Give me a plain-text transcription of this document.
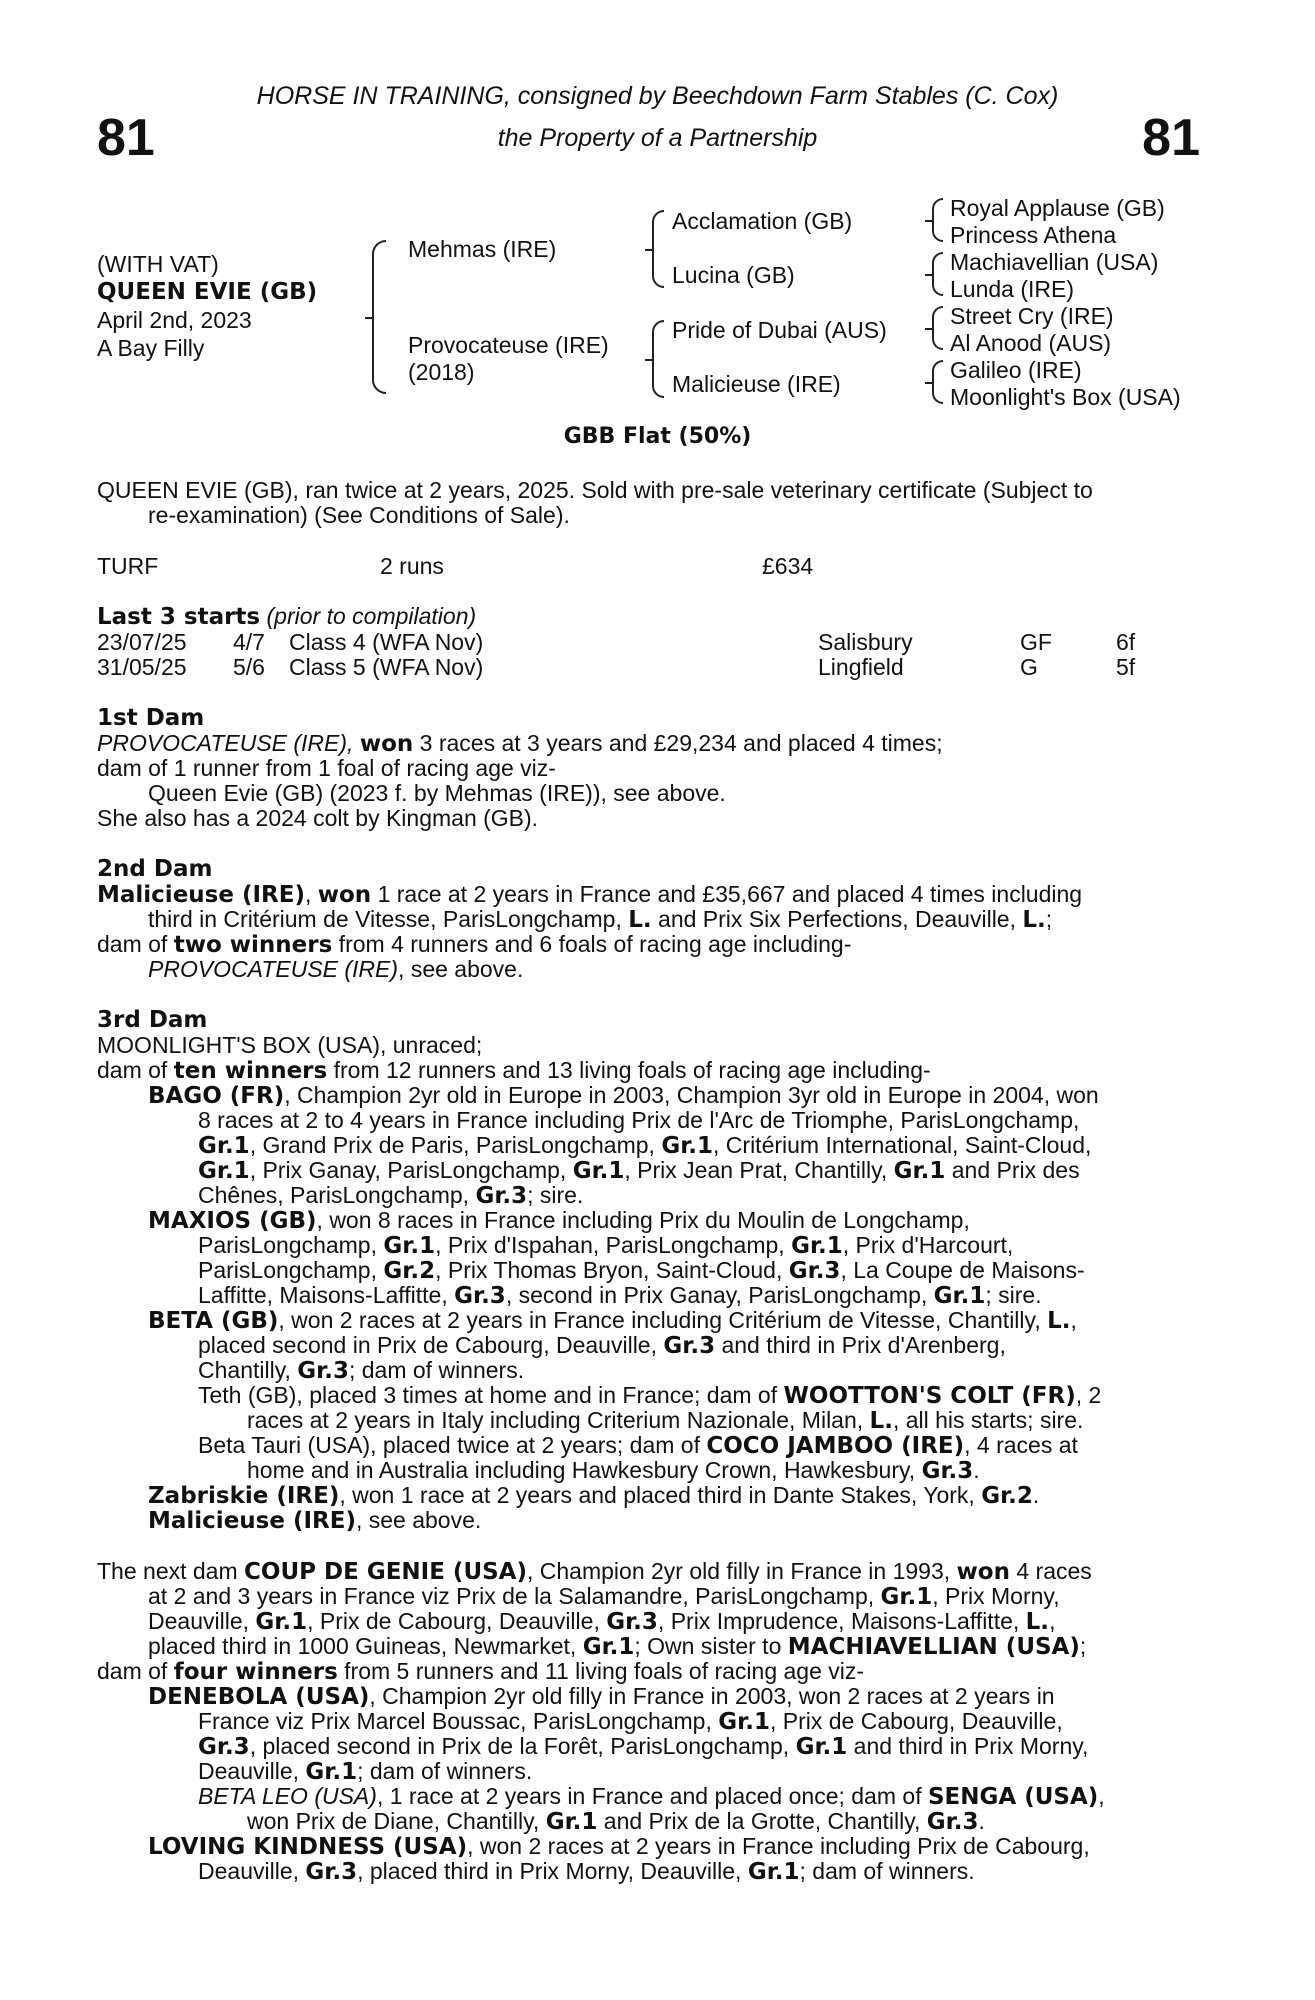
81	81
HORSE IN TRAINING, consigned by Beechdown Farm Stables (C. Cox)
the Property of a Partnership
(WITH VAT)
QUEEN EVIE (GB)
April 2nd, 2023
A Bay Filly
Mehmas (IRE)
Provocateuse (IRE)
(2018)
Acclamation (GB)
Lucina (GB)
Pride of Dubai (AUS)
Malicieuse (IRE)
Royal Applause (GB)
Princess Athena
Machiavellian (USA)
Lunda (IRE)
Street Cry (IRE)
Al Anood (AUS)
Galileo (IRE)
Moonlight's Box (USA)
GBB Flat (50%)
QUEEN EVIE (GB), ran twice at 2 years, 2025. Sold with pre-sale veterinary certificate (Subject to
re-examination) (See Conditions of Sale).
TURF	2 runs	£634
Last 3 starts (prior to compilation)
23/07/25 4/7 Class 4 (WFA Nov)	Salisbury	GF	6f
31/05/25 5/6 Class 5 (WFA Nov)	Lingfield	G	5f
1st Dam
PROVOCATEUSE (IRE), won 3 races at 3 years and £29,234 and placed 4 times;
dam of 1 runner from 1 foal of racing age viz-
Queen Evie (GB) (2023 f. by Mehmas (IRE)), see above.
She also has a 2024 colt by Kingman (GB).
2nd Dam
Malicieuse (IRE), won 1 race at 2 years in France and £35,667 and placed 4 times including
third in Critérium de Vitesse, ParisLongchamp, L. and Prix Six Perfections, Deauville, L.;
dam of two winners from 4 runners and 6 foals of racing age including-
PROVOCATEUSE (IRE), see above.
3rd Dam
MOONLIGHT'S BOX (USA), unraced;
dam of ten winners from 12 runners and 13 living foals of racing age including-
BAGO (FR), Champion 2yr old in Europe in 2003, Champion 3yr old in Europe in 2004, won
8 races at 2 to 4 years in France including Prix de l'Arc de Triomphe, ParisLongchamp,
Gr.1, Grand Prix de Paris, ParisLongchamp, Gr.1, Critérium International, Saint-Cloud,
Gr.1, Prix Ganay, ParisLongchamp, Gr.1, Prix Jean Prat, Chantilly, Gr.1 and Prix des
Chênes, ParisLongchamp, Gr.3; sire.
MAXIOS (GB), won 8 races in France including Prix du Moulin de Longchamp,
ParisLongchamp, Gr.1, Prix d'Ispahan, ParisLongchamp, Gr.1, Prix d'Harcourt,
ParisLongchamp, Gr.2, Prix Thomas Bryon, Saint-Cloud, Gr.3, La Coupe de Maisons-
Laffitte, Maisons-Laffitte, Gr.3, second in Prix Ganay, ParisLongchamp, Gr.1; sire.
BETA (GB), won 2 races at 2 years in France including Critérium de Vitesse, Chantilly, L.,
placed second in Prix de Cabourg, Deauville, Gr.3 and third in Prix d'Arenberg,
Chantilly, Gr.3; dam of winners.
Teth (GB), placed 3 times at home and in France; dam of WOOTTON'S COLT (FR), 2
races at 2 years in Italy including Criterium Nazionale, Milan, L., all his starts; sire.
Beta Tauri (USA), placed twice at 2 years; dam of COCO JAMBOO (IRE), 4 races at
home and in Australia including Hawkesbury Crown, Hawkesbury, Gr.3.
Zabriskie (IRE), won 1 race at 2 years and placed third in Dante Stakes, York, Gr.2.
Malicieuse (IRE), see above.
The next dam COUP DE GENIE (USA), Champion 2yr old filly in France in 1993, won 4 races
at 2 and 3 years in France viz Prix de la Salamandre, ParisLongchamp, Gr.1, Prix Morny,
Deauville, Gr.1, Prix de Cabourg, Deauville, Gr.3, Prix Imprudence, Maisons-Laffitte, L.,
placed third in 1000 Guineas, Newmarket, Gr.1; Own sister to MACHIAVELLIAN (USA);
dam of four winners from 5 runners and 11 living foals of racing age viz-
DENEBOLA (USA), Champion 2yr old filly in France in 2003, won 2 races at 2 years in
France viz Prix Marcel Boussac, ParisLongchamp, Gr.1, Prix de Cabourg, Deauville,
Gr.3, placed second in Prix de la Forêt, ParisLongchamp, Gr.1 and third in Prix Morny,
Deauville, Gr.1; dam of winners.
BETA LEO (USA), 1 race at 2 years in France and placed once; dam of SENGA (USA),
won Prix de Diane, Chantilly, Gr.1 and Prix de la Grotte, Chantilly, Gr.3.
LOVING KINDNESS (USA), won 2 races at 2 years in France including Prix de Cabourg,
Deauville, Gr.3, placed third in Prix Morny, Deauville, Gr.1; dam of winners.
